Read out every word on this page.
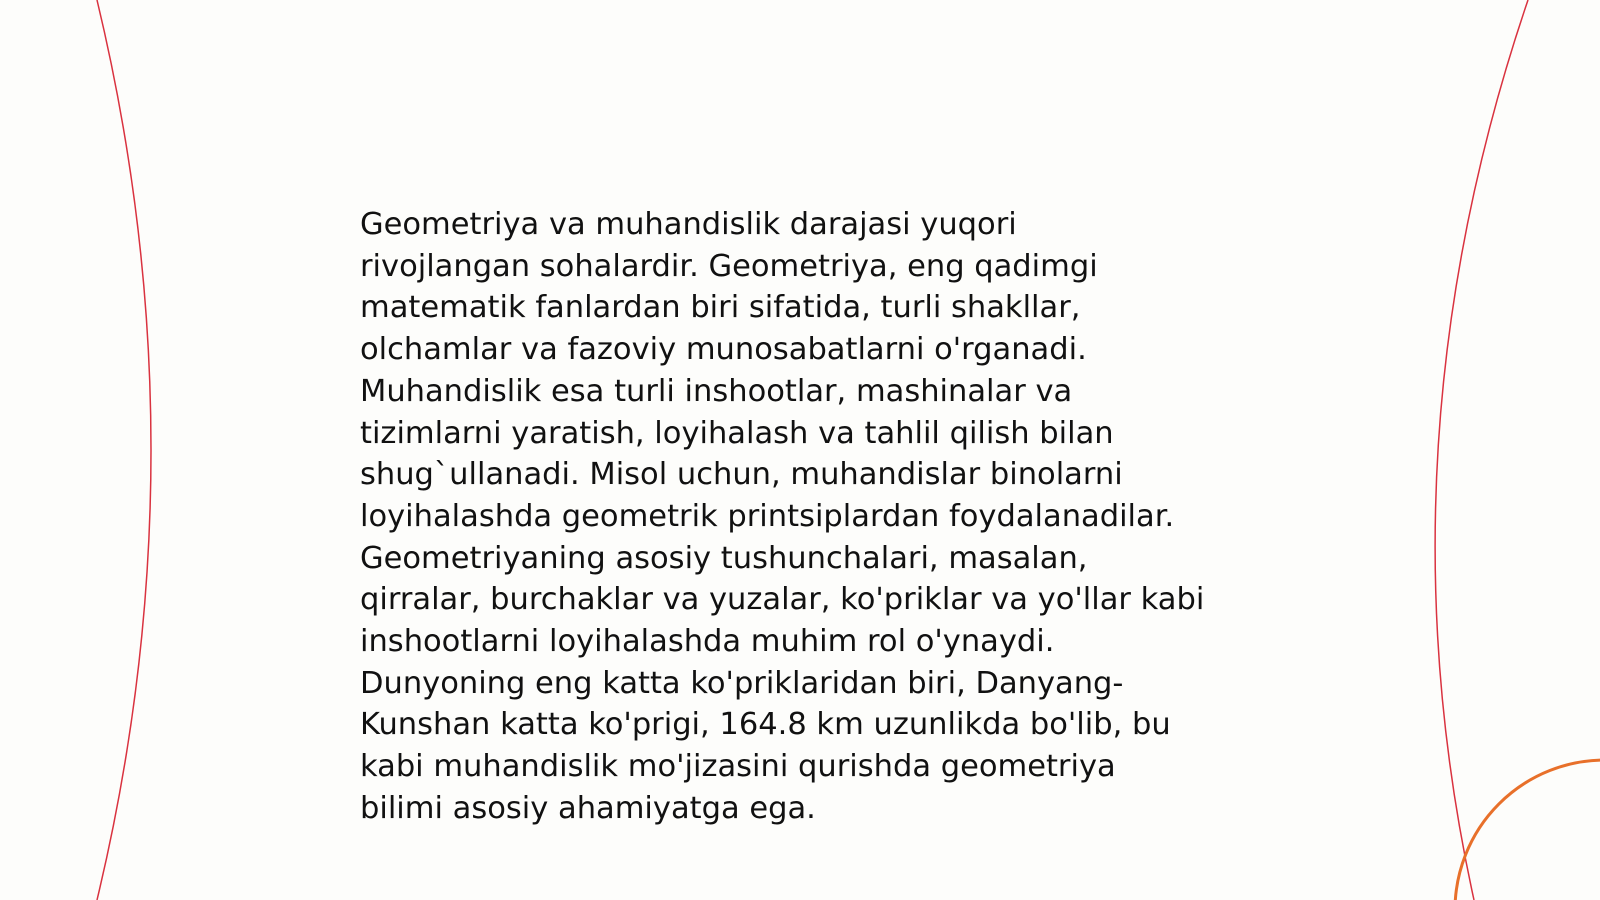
Geometriya va muhandislik darajasi yuqori
rivojlangan sohalardir. Geometriya, eng qadimgi
matematik fanlardan biri sifatida, turli shakllar,
olchamlar va fazoviy munosabatlarni o'rganadi.
Muhandislik esa turli inshootlar, mashinalar va
tizimlarni yaratish, loyihalash va tahlil qilish bilan
shug`ullanadi. Misol uchun, muhandislar binolarni
loyihalashda geometrik printsiplardan foydalanadilar.
Geometriyaning asosiy tushunchalari, masalan,
qirralar, burchaklar va yuzalar, ko'priklar va yo'llar kabi
inshootlarni loyihalashda muhim rol o'ynaydi.
Dunyoning eng katta ko'priklaridan biri, Danyang-
Kunshan katta ko'prigi, 164.8 km uzunlikda bo'lib, bu
kabi muhandislik mo'jizasini qurishda geometriya
bilimi asosiy ahamiyatga ega.
